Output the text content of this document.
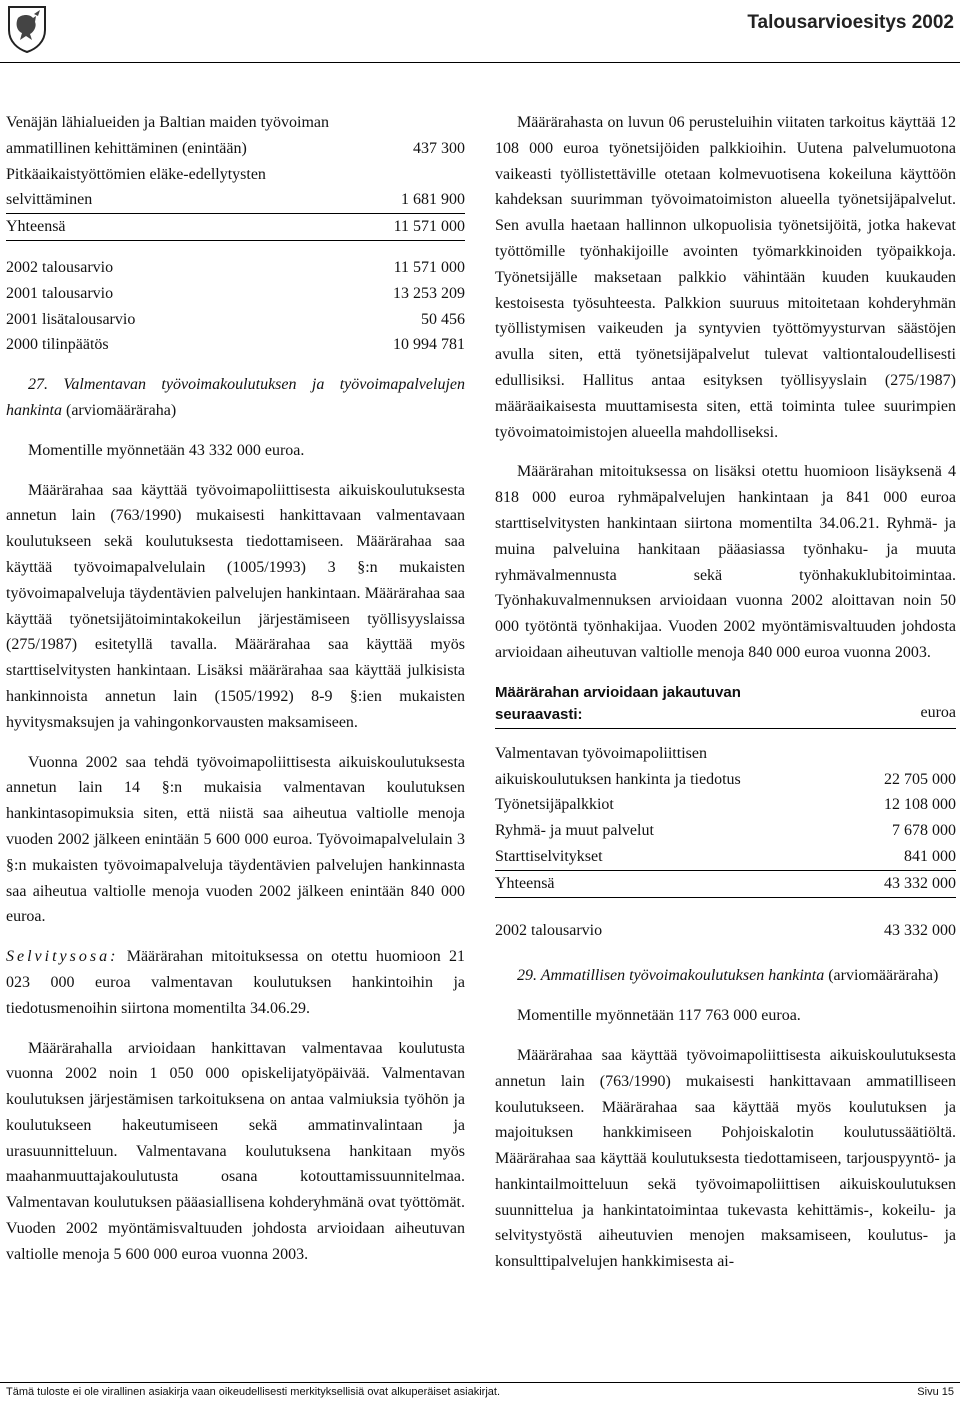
Talousarvioesitys 2002
Venäjän lähialueiden ja Baltian maiden työvoiman ammatillinen kehittäminen (enintään)	437 300
Pitkäaikaistyöttömien eläke-edellytysten selvittäminen	1 681 900
Yhteensä	11 571 000
2002 talousarvio	11 571 000
2001 talousarvio	13 253 209
2001 lisätalousarvio	50 456
2000 tilinpäätös	10 994 781

27. Valmentavan työvoimakoulutuksen ja työvoimapalvelujen hankinta (arviomääräraha)

Momentille myönnetään 43 332 000 euroa.

Määrärahaa saa käyttää työvoimapoliittisesta aikuiskoulutuksesta annetun lain (763/1990) mukaisesti hankittavaan valmentavaan koulutukseen sekä koulutuksesta tiedottamiseen. Määrärahaa saa käyttää työvoimapalvelulain (1005/1993) 3 §:n mukaisten työvoimapalveluja täydentävien palvelujen hankintaan. Määrärahaa saa käyttää työnetsijätoimintakokeilun järjestämiseen työllisyyslaissa (275/1987) esitetyllä tavalla. Määrärahaa saa käyttää myös starttiselvitysten hankintaan. Lisäksi määrärahaa saa käyttää julkisista hankinnoista annetun lain (1505/1992) 8-9 §:ien mukaisten hyvitysmaksujen ja vahingonkorvausten maksamiseen.

Vuonna 2002 saa tehdä työvoimapoliittisesta aikuiskoulutuksesta annetun lain 14 §:n mukaisia valmentavan koulutuksen hankintasopimuksia siten, että niistä saa aiheutua valtiolle menoja vuoden 2002 jälkeen enintään 5 600 000 euroa. Työvoimapalvelulain 3 §:n mukaisten työvoimapalveluja täydentävien palvelujen hankinnasta saa aiheutua valtiolle menoja vuoden 2002 jälkeen enintään 840 000 euroa.

Selvitysosa: Määrärahan mitoituksessa on otettu huomioon 21 023 000 euroa valmentavan koulutuksen hankintoihin ja tiedotusmenoihin siirtona momentilta 34.06.29.

Määrärahalla arvioidaan hankittavan valmentavaa koulutusta vuonna 2002 noin 1 050 000 opiskelijatyöpäivää. Valmentavan koulutuksen järjestämisen tarkoituksena on antaa valmiuksia työhön ja koulutukseen hakeutumiseen sekä ammatinvalintaan ja urasuunnitteluun. Valmentavana koulutuksena hankitaan myös maahanmuuttajakoulutusta osana kotouttamissuunnitelmaa. Valmentavan koulutuksen pääasiallisena kohderyhmänä ovat työttömät. Vuoden 2002 myöntämisvaltuuden johdosta arvioidaan aiheutuvan valtiolle menoja 5 600 000 euroa vuonna 2003.

Määrärahasta on luvun 06 perusteluihin viitaten tarkoitus käyttää 12 108 000 euroa työnetsijöiden palkkioihin. Uutena palvelumuotona vaikeasti työllistettäville otetaan kolmevuotisena kokeiluna käyttöön kahdeksan suurimman työvoimatoimiston alueella työnetsijäpalvelut. Sen avulla haetaan hallinnon ulkopuolisia työnetsijöitä, jotka hakevat työttömille työnhakijoille avointen työmarkkinoiden työpaikkoja. Työnetsijälle maksetaan palkkio vähintään kuuden kuukauden kestoisesta työsuhteesta. Palkkion suuruus mitoitetaan kohderyhmän työllistymisen vaikeuden ja syntyvien työttömyysturvan säästöjen avulla siten, että työnetsijäpalvelut tulevat valtiontaloudellisesti edullisiksi. Hallitus antaa esityksen työllisyyslain (275/1987) määräaikaisesta muuttamisesta siten, että toiminta tulee suurimpien työvoimatoimistojen alueella mahdolliseksi.

Määrärahan mitoituksessa on lisäksi otettu huomioon lisäyksenä 4 818 000 euroa ryhmäpalvelujen hankintaan ja 841 000 euroa starttiselvitysten hankintaan siirtona momentilta 34.06.21. Ryhmä- ja muina palveluina hankitaan pääasiassa työnhaku- ja muuta ryhmävalmennusta sekä työnhakuklubitoimintaa. Työnhakuvalmennuksen arvioidaan vuonna 2002 aloittavan noin 50 000 työtöntä työnhakijaa. Vuoden 2002 myöntämisvaltuuden johdosta arvioidaan aiheutuvan valtiolle menoja 840 000 euroa vuonna 2003.

Määrärahan arvioidaan jakautuvan seuraavasti:	euroa
Valmentavan työvoimapoliittisen aikuiskoulutuksen hankinta ja tiedotus	22 705 000
Työnetsijäpalkkiot	12 108 000
Ryhmä- ja muut palvelut	7 678 000
Starttiselvitykset	841 000
Yhteensä	43 332 000
2002 talousarvio	43 332 000

29. Ammatillisen työvoimakoulutuksen hankinta (arviomääräraha)

Momentille myönnetään 117 763 000 euroa.

Määrärahaa saa käyttää työvoimapoliittisesta aikuiskoulutuksesta annetun lain (763/1990) mukaisesti hankittavaan ammatilliseen koulutukseen. Määrärahaa saa käyttää myös koulutuksen ja majoituksen hankkimiseen Pohjoiskalotin koulutussäätiöltä. Määrärahaa saa käyttää koulutuksesta tiedottamiseen, tarjouspyyntö- ja hankintailmoitteluun sekä työvoimapoliittisen aikuiskoulutuksen suunnittelua ja hankintatoimintaa tukevasta kehittämis-, kokeilu- ja selvitystyöstä aiheutuvien menojen maksamiseen, koulutus- ja konsulttipalvelujen hankkimisesta ai-

Tämä tuloste ei ole virallinen asiakirja vaan oikeudellisesti merkityksellisiä ovat alkuperäiset asiakirjat.	Sivu 15
